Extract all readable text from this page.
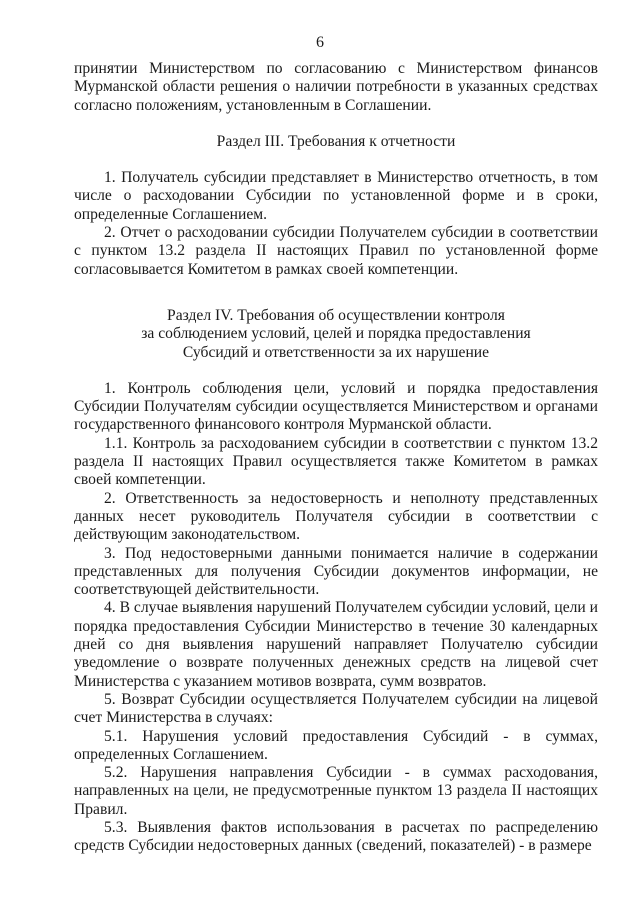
6

принятии Министерством по согласованию с Министерством финансов Мурманской области решения о наличии потребности в указанных средствах согласно положениям, установленным в Соглашении.

Раздел III. Требования к отчетности

1. Получатель субсидии представляет в Министерство отчетность, в том числе о расходовании Субсидии по установленной форме и в сроки, определенные Соглашением.

2. Отчет о расходовании субсидии Получателем субсидии в соответствии с пунктом 13.2 раздела II настоящих Правил по установленной форме согласовывается Комитетом в рамках своей компетенции.

Раздел IV. Требования об осуществлении контроля

за соблюдением условий, целей и порядка предоставления

Субсидий и ответственности за их нарушение

1. Контроль соблюдения цели, условий и порядка предоставления Субсидии Получателям субсидии осуществляется Министерством и органами государственного финансового контроля Мурманской области.

1.1. Контроль за расходованием субсидии в соответствии с пунктом 13.2 раздела II настоящих Правил осуществляется также Комитетом в рамках своей компетенции.

2. Ответственность за недостоверность и неполноту представленных данных несет руководитель Получателя субсидии в соответствии с действующим законодательством.

3. Под недостоверными данными понимается наличие в содержании представленных для получения Субсидии документов информации, не соответствующей действительности.

4. В случае выявления нарушений Получателем субсидии условий, цели и порядка предоставления Субсидии Министерство в течение 30 календарных дней со дня выявления нарушений направляет Получателю субсидии уведомление о возврате полученных денежных средств на лицевой счет Министерства с указанием мотивов возврата, сумм возвратов.

5. Возврат Субсидии осуществляется Получателем субсидии на лицевой счет Министерства в случаях:

5.1. Нарушения условий предоставления Субсидий - в суммах, определенных Соглашением.

5.2. Нарушения направления Субсидии - в суммах расходования, направленных на цели, не предусмотренные пунктом 13 раздела II настоящих Правил.

5.3. Выявления фактов использования в расчетах по распределению средств Субсидии недостоверных данных (сведений, показателей) - в размере
